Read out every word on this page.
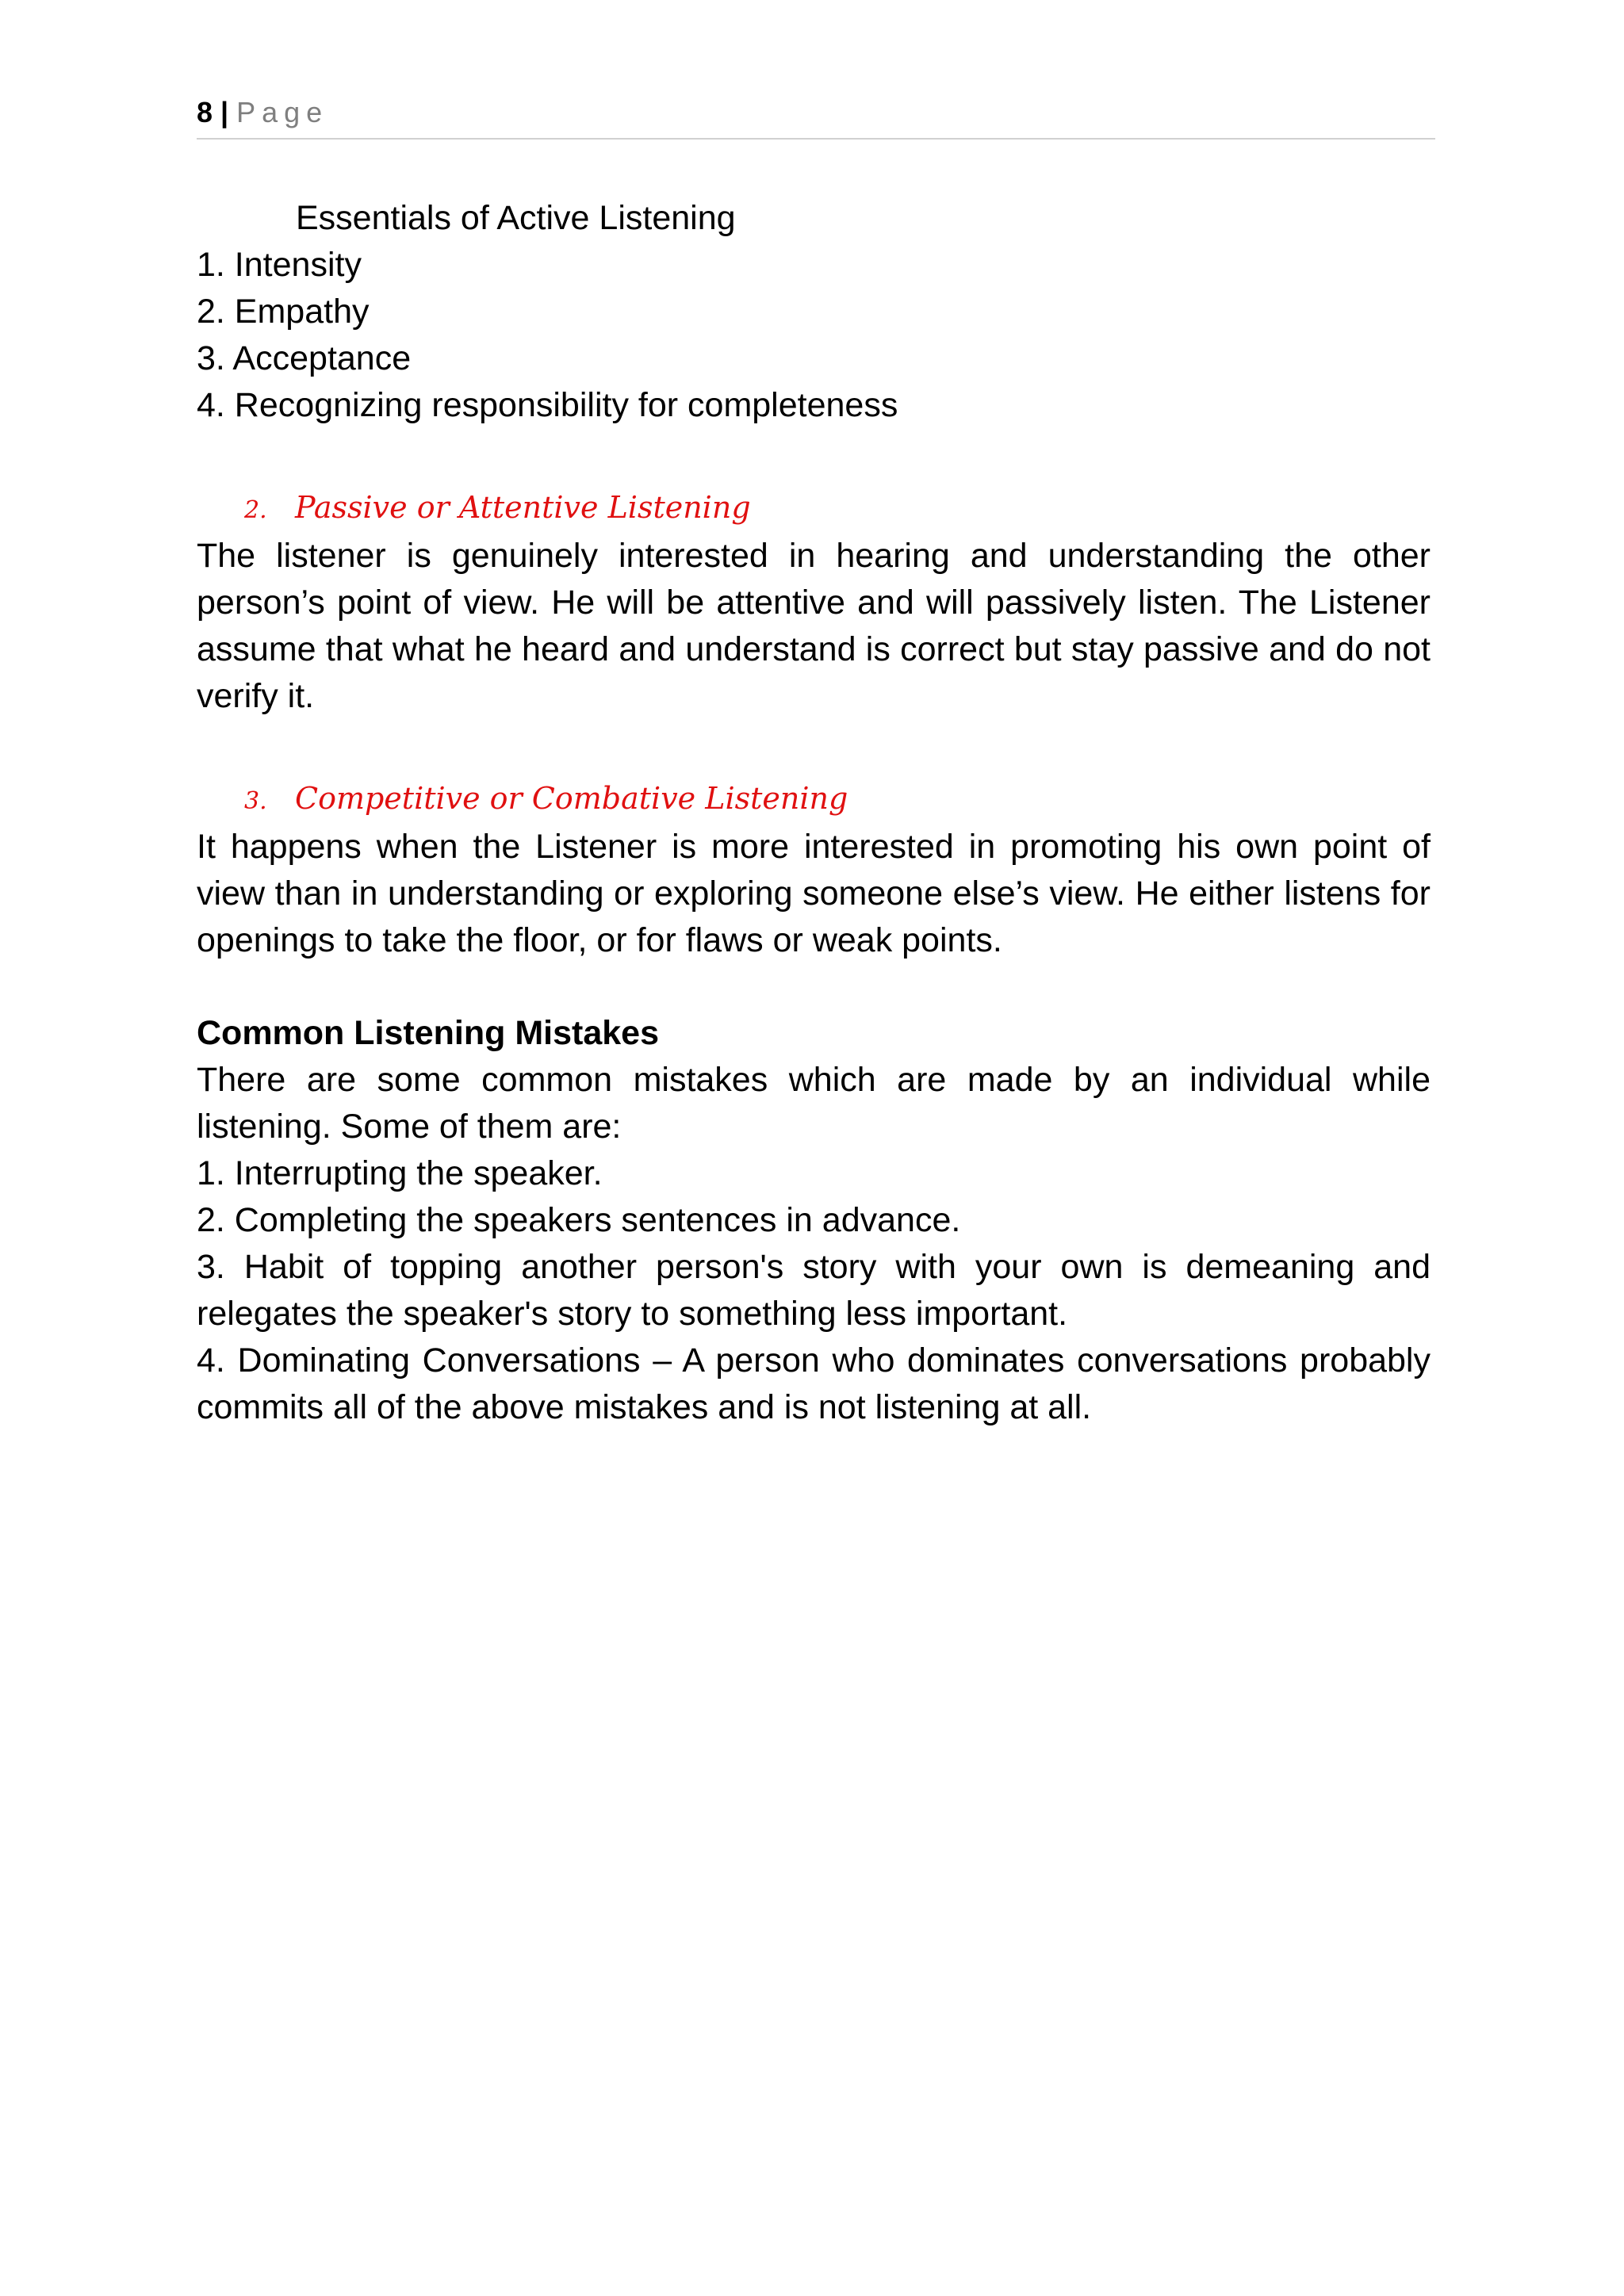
8 | Page
Essentials of Active Listening
1. Intensity
2. Empathy
3. Acceptance
4. Recognizing responsibility for completeness
2. Passive or Attentive Listening
The listener is genuinely interested in hearing and understanding the other person’s point of view. He will be attentive and will passively listen. The Listener assume that what he heard and understand is correct but stay passive and do not verify it.
3. Competitive or Combative Listening
It happens when the Listener is more interested in promoting his own point of view than in understanding or exploring someone else’s view. He either listens for openings to take the floor, or for flaws or weak points.
Common Listening Mistakes
There are some common mistakes which are made by an individual while listening. Some of them are:
1. Interrupting the speaker.
2. Completing the speakers sentences in advance.
3. Habit of topping another person's story with your own is demeaning and relegates the speaker's story to something less important.
4. Dominating Conversations – A person who dominates conversations probably commits all of the above mistakes and is not listening at all.
